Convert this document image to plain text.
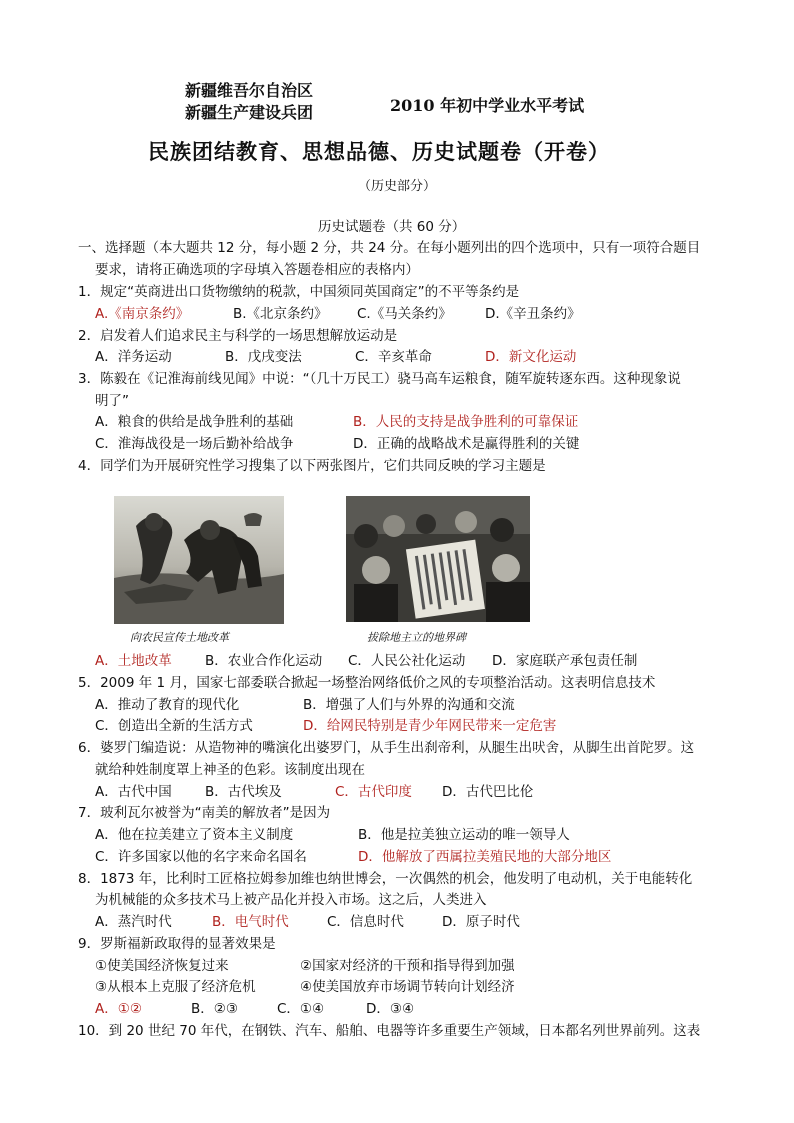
新疆维吾尔自治区
新疆生产建设兵团	2010 年初中学业水平考试
民族团结教育、思想品德、历史试题卷（开卷）
（历史部分）
历史试题卷（共 60 分）
一、选择题（本大题共 12 分，每小题 2 分，共 24 分。在每小题列出的四个选项中，只有一项符合题目
要求，请将正确选项的字母填入答题卷相应的表格内）
1．规定“英商进出口货物缴纳的税款，中国须同英国商定”的不平等条约是
A.《南京条约》	B.《北京条约》 C.《马关条约》 D.《辛丑条约》
2．启发着人们追求民主与科学的一场思想解放运动是
A．洋务运动	B．戊戌变法	C．辛亥革命	D．新文化运动
3．陈毅在《记淮海前线见闻》中说：“（几十万民工）骁马高车运粮食，随军旋转逐东西。这种现象说
明了”
A．粮食的供给是战争胜利的基础	B．人民的支持是战争胜利的可靠保证
C．淮海战役是一场后勤补给战争	D．正确的战略战术是赢得胜利的关键
4．同学们为开展研究性学习搜集了以下两张图片，它们共同反映的学习主题是
向农民宣传土地改革	拔除地主立的地界碑
A．土地改革 B．农业合作化运动 C．人民公社化运动 D．家庭联产承包责任制
5．2009 年 1 月，国家七部委联合掀起一场整治网络低价之风的专项整治活动。这表明信息技术
A．推动了教育的现代化	B．增强了人们与外界的沟通和交流
C．创造出全新的生活方式	D．给网民特别是青少年网民带来一定危害
6．婆罗门编造说：从造物神的嘴演化出婆罗门，从手生出刹帝利，从腿生出吠舍，从脚生出首陀罗。这
就给种姓制度罩上神圣的色彩。该制度出现在
A．古代中国 B．古代埃及	C．古代印度 D．古代巴比伦
7．玻利瓦尔被誉为“南美的解放者”是因为
A．他在拉美建立了资本主义制度	B．他是拉美独立运动的唯一领导人
C．许多国家以他的名字来命名国名	D．他解放了西属拉美殖民地的大部分地区
8．1873 年，比利时工匠格拉姆参加维也纳世博会，一次偶然的机会，他发明了电动机，关于电能转化
为机械能的众多技术马上被产品化并投入市场。这之后，人类进入
A．蒸汽时代	B．电气时代	C．信息时代	D．原子时代
9．罗斯福新政取得的显著效果是
①使美国经济恢复过来	②国家对经济的干预和指导得到加强
③从根本上克服了经济危机	④使美国放弃市场调节转向计划经济
A．①②	B．②③	C．①④	D．③④
10．到 20 世纪 70 年代，在钢铁、汽车、船舶、电器等许多重要生产领域，日本都名列世界前列。这表
